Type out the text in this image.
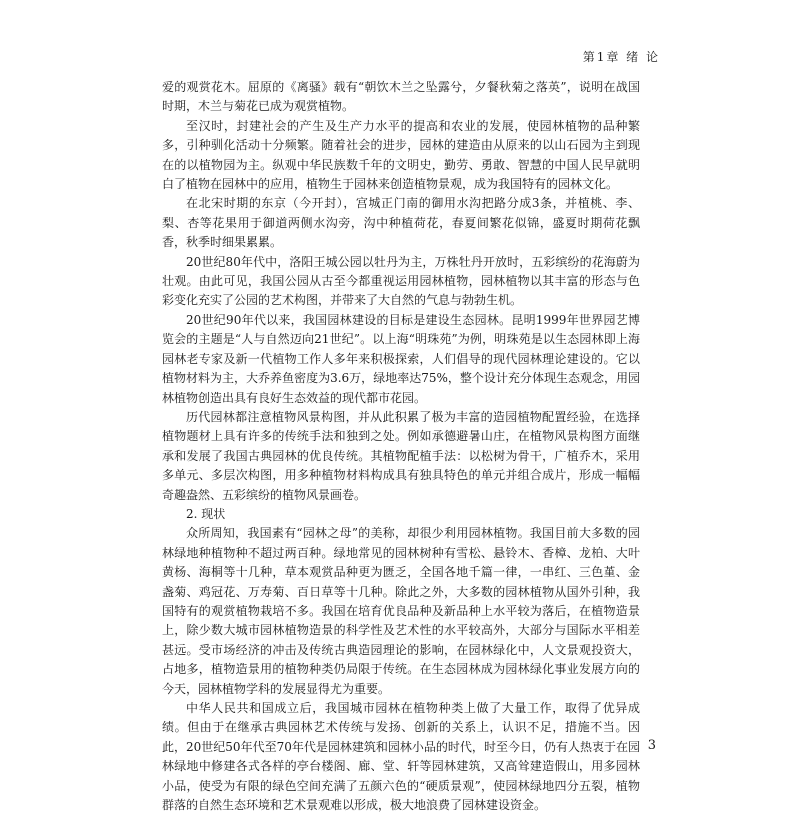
第1章 绪 论

爱的观赏花木。屈原的《离骚》载有“朝饮木兰之坠露兮，夕餐秋菊之落英”，说明在战国时期，木兰与菊花已成为观赏植物。

至汉时，封建社会的产生及生产力水平的提高和农业的发展，使园林植物的品种繁多，引种驯化活动十分频繁。随着社会的进步，园林的建造由从原来的以山石园为主到现在的以植物园为主。纵观中华民族数千年的文明史，勤劳、勇敢、智慧的中国人民早就明白了植物在园林中的应用，植物生于园林来创造植物景观，成为我国特有的园林文化。

在北宋时期的东京（今开封），宫城正门南的御用水沟把路分成3条，并植桃、李、梨、杏等花果用于御道两侧水沟旁，沟中种植荷花，春夏间繁花似锦，盛夏时期荷花飘香，秋季时细果累累。

20世纪80年代中，洛阳王城公园以牡丹为主，万株牡丹开放时，五彩缤纷的花海蔚为壮观。由此可见，我国公园从古至今都重视运用园林植物，园林植物以其丰富的形态与色彩变化充实了公园的艺术构图，并带来了大自然的气息与勃勃生机。

20世纪90年代以来，我国园林建设的目标是建设生态园林。昆明1999年世界园艺博览会的主题是“人与自然迈向21世纪”。以上海“明珠苑”为例，明珠苑是以生态园林即上海园林老专家及新一代植物工作人多年来积极探索，人们倡导的现代园林理论建设的。它以植物材料为主，大乔养鱼密度为3.6万，绿地率达75%，整个设计充分体现生态观念，用园林植物创造出具有良好生态效益的现代都市花园。

历代园林都注意植物风景构图，并从此积累了极为丰富的造园植物配置经验，在选择植物题材上具有许多的传统手法和独到之处。例如承德避暑山庄，在植物风景构图方面继承和发展了我国古典园林的优良传统。其植物配植手法：以松树为骨干，广植乔木，采用多单元、多层次构图，用多种植物材料构成具有独具特色的单元并组合成片，形成一幅幅奇趣盎然、五彩缤纷的植物风景画卷。

2. 现状

众所周知，我国素有“园林之母”的美称，却很少利用园林植物。我国目前大多数的园林绿地种植物种不超过两百种。绿地常见的园林树种有雪松、悬铃木、香樟、龙柏、大叶黄杨、海桐等十几种，草本观赏品种更为匮乏，全国各地千篇一律，一串红、三色堇、金盏菊、鸡冠花、万寿菊、百日草等十几种。除此之外，大多数的园林植物从国外引种，我国特有的观赏植物栽培不多。我国在培育优良品种及新品种上水平较为落后，在植物造景上，除少数大城市园林植物造景的科学性及艺术性的水平较高外，大部分与国际水平相差甚远。受市场经济的冲击及传统古典造园理论的影响，在园林绿化中，人文景观投资大，占地多，植物造景用的植物种类仍局限于传统。在生态园林成为园林绿化事业发展方向的今天，园林植物学科的发展显得尤为重要。

中华人民共和国成立后，我国城市园林在植物种类上做了大量工作，取得了优异成绩。但由于在继承古典园林艺术传统与发扬、创新的关系上，认识不足，措施不当。因此，20世纪50年代至70年代是园林建筑和园林小品的时代，时至今日，仍有人热衷于在园林绿地中修建各式各样的亭台楼阁、廊、堂、轩等园林建筑，又高耸建造假山，用多园林小品，使受为有限的绿色空间充满了五颜六色的“硬质景观”，使园林绿地四分五裂，植物群落的自然生态环境和艺术景观难以形成，极大地浪费了园林建设资金。

3
